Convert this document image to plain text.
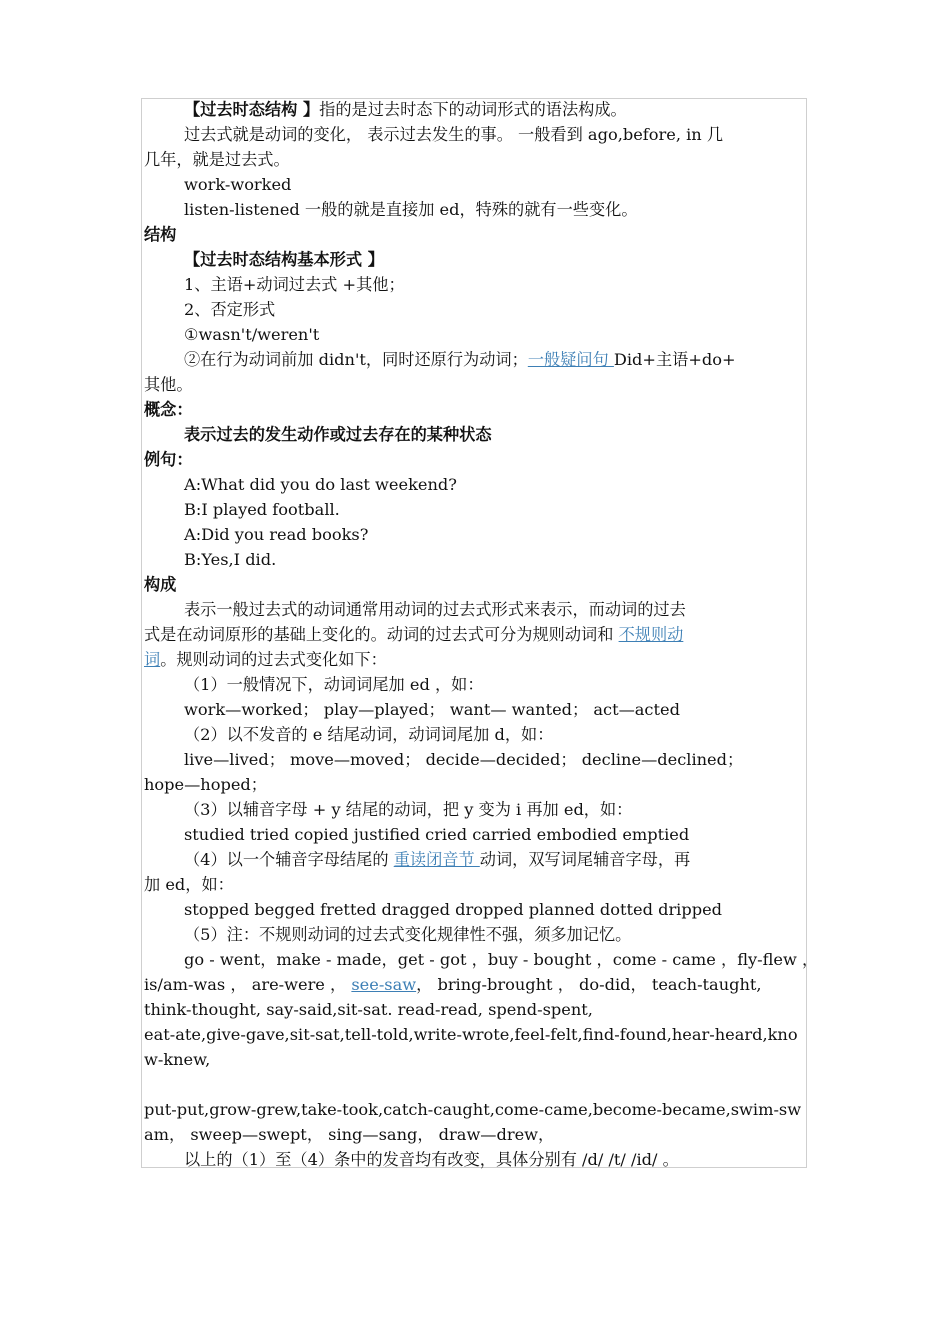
【过去时态结构 】指的是过去时态下的动词形式的语法构成。
过去式就是动词的变化， 表示过去发生的事。 一般看到 ago,before, in 几
几年，就是过去式。
work-worked
listen-listened 一般的就是直接加 ed，特殊的就有一些变化。
结构
【过去时态结构基本形式 】
1、主语+动词过去式 +其他；
2、否定形式
①wasn't/weren't
②在行为动词前加 didn't，同时还原行为动词；一般疑问句 Did+主语+do+
其他。
概念：
表示过去的发生动作或过去存在的某种状态
例句：
A:What did you do last weekend?
B:I played football.
A:Did you read books?
B:Yes,I did.
构成
表示一般过去式的动词通常用动词的过去式形式来表示，而动词的过去
式是在动词原形的基础上变化的。动词的过去式可分为规则动词和 不规则动
词。规则动词的过去式变化如下：
（1）一般情况下，动词词尾加 ed ，如：
work—worked； play—played； want— wanted； act—acted
（2）以不发音的 e 结尾动词，动词词尾加 d，如：
live—lived； move—moved； decide—decided； decline—declined；
hope—hoped；
（3）以辅音字母 + y 结尾的动词，把 y 变为 i 再加 ed，如：
studied tried copied justified cried carried embodied emptied
（4）以一个辅音字母结尾的 重读闭音节 动词，双写词尾辅音字母，再
加 ed，如：
stopped begged fretted dragged dropped planned dotted dripped
（5）注：不规则动词的过去式变化规律性不强，须多加记忆。
go - went，make - made，get - got ，buy - bought ，come - came ，fly-flew ，
is/am-was ， are-were ， see-saw， bring-brought ， do-did， teach-taught,
think-thought, say-said,sit-sat. read-read, spend-spent,
eat-ate,give-gave,sit-sat,tell-told,write-wrote,feel-felt,find-found,hear-heard,kno
w-knew,
put-put,grow-grew,take-took,catch-caught,come-came,become-became,swim-sw
am， sweep—swept， sing—sang， draw—drew，
以上的（1）至（4）条中的发音均有改变，具体分别有 /d/ /t/ /id/ 。
